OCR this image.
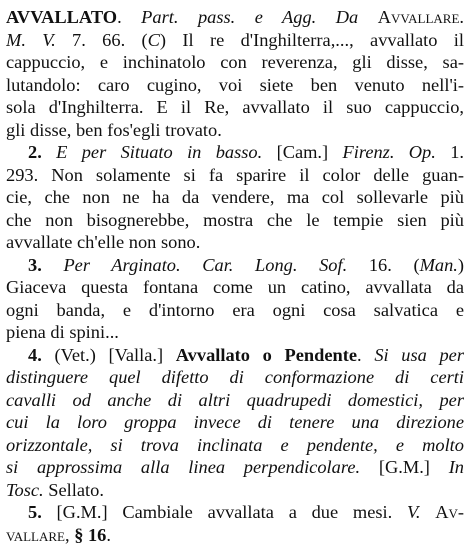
AVVALLATO. Part. pass. e Agg. Da Avvallare.
M. V. 7. 66. (C) Il re d'Inghilterra,..., avvallato il
cappuccio, e inchinatolo con reverenza, gli disse, sa-
lutandolo: caro cugino, voi siete ben venuto nell'i-
sola d'Inghilterra. E il Re, avvallato il suo cappuccio,
gli disse, ben fos'egli trovato.
2. E per Situato in basso. [Cam.] Firenz. Op. 1.
293. Non solamente si fa sparire il color delle guan-
cie, che non ne ha da vendere, ma col sollevarle più
che non bisognerebbe, mostra che le tempie sien più
avvallate ch'elle non sono.
3. Per Arginato. Car. Long. Sof. 16. (Man.)
Giaceva questa fontana come un catino, avvallata da
ogni banda, e d'intorno era ogni cosa salvatica e
piena di spini...
4. (Vet.) [Valla.] Avvallato o Pendente. Si usa per
distinguere quel difetto di conformazione di certi
cavalli od anche di altri quadrupedi domestici, per
cui la loro groppa invece di tenere una direzione
orizzontale, si trova inclinata e pendente, e molto
si approssima alla linea perpendicolare. [G.M.] In
Tosc. Sellato.
5. [G.M.] Cambiale avvallata a due mesi. V. Av-
vallare, § 16.
